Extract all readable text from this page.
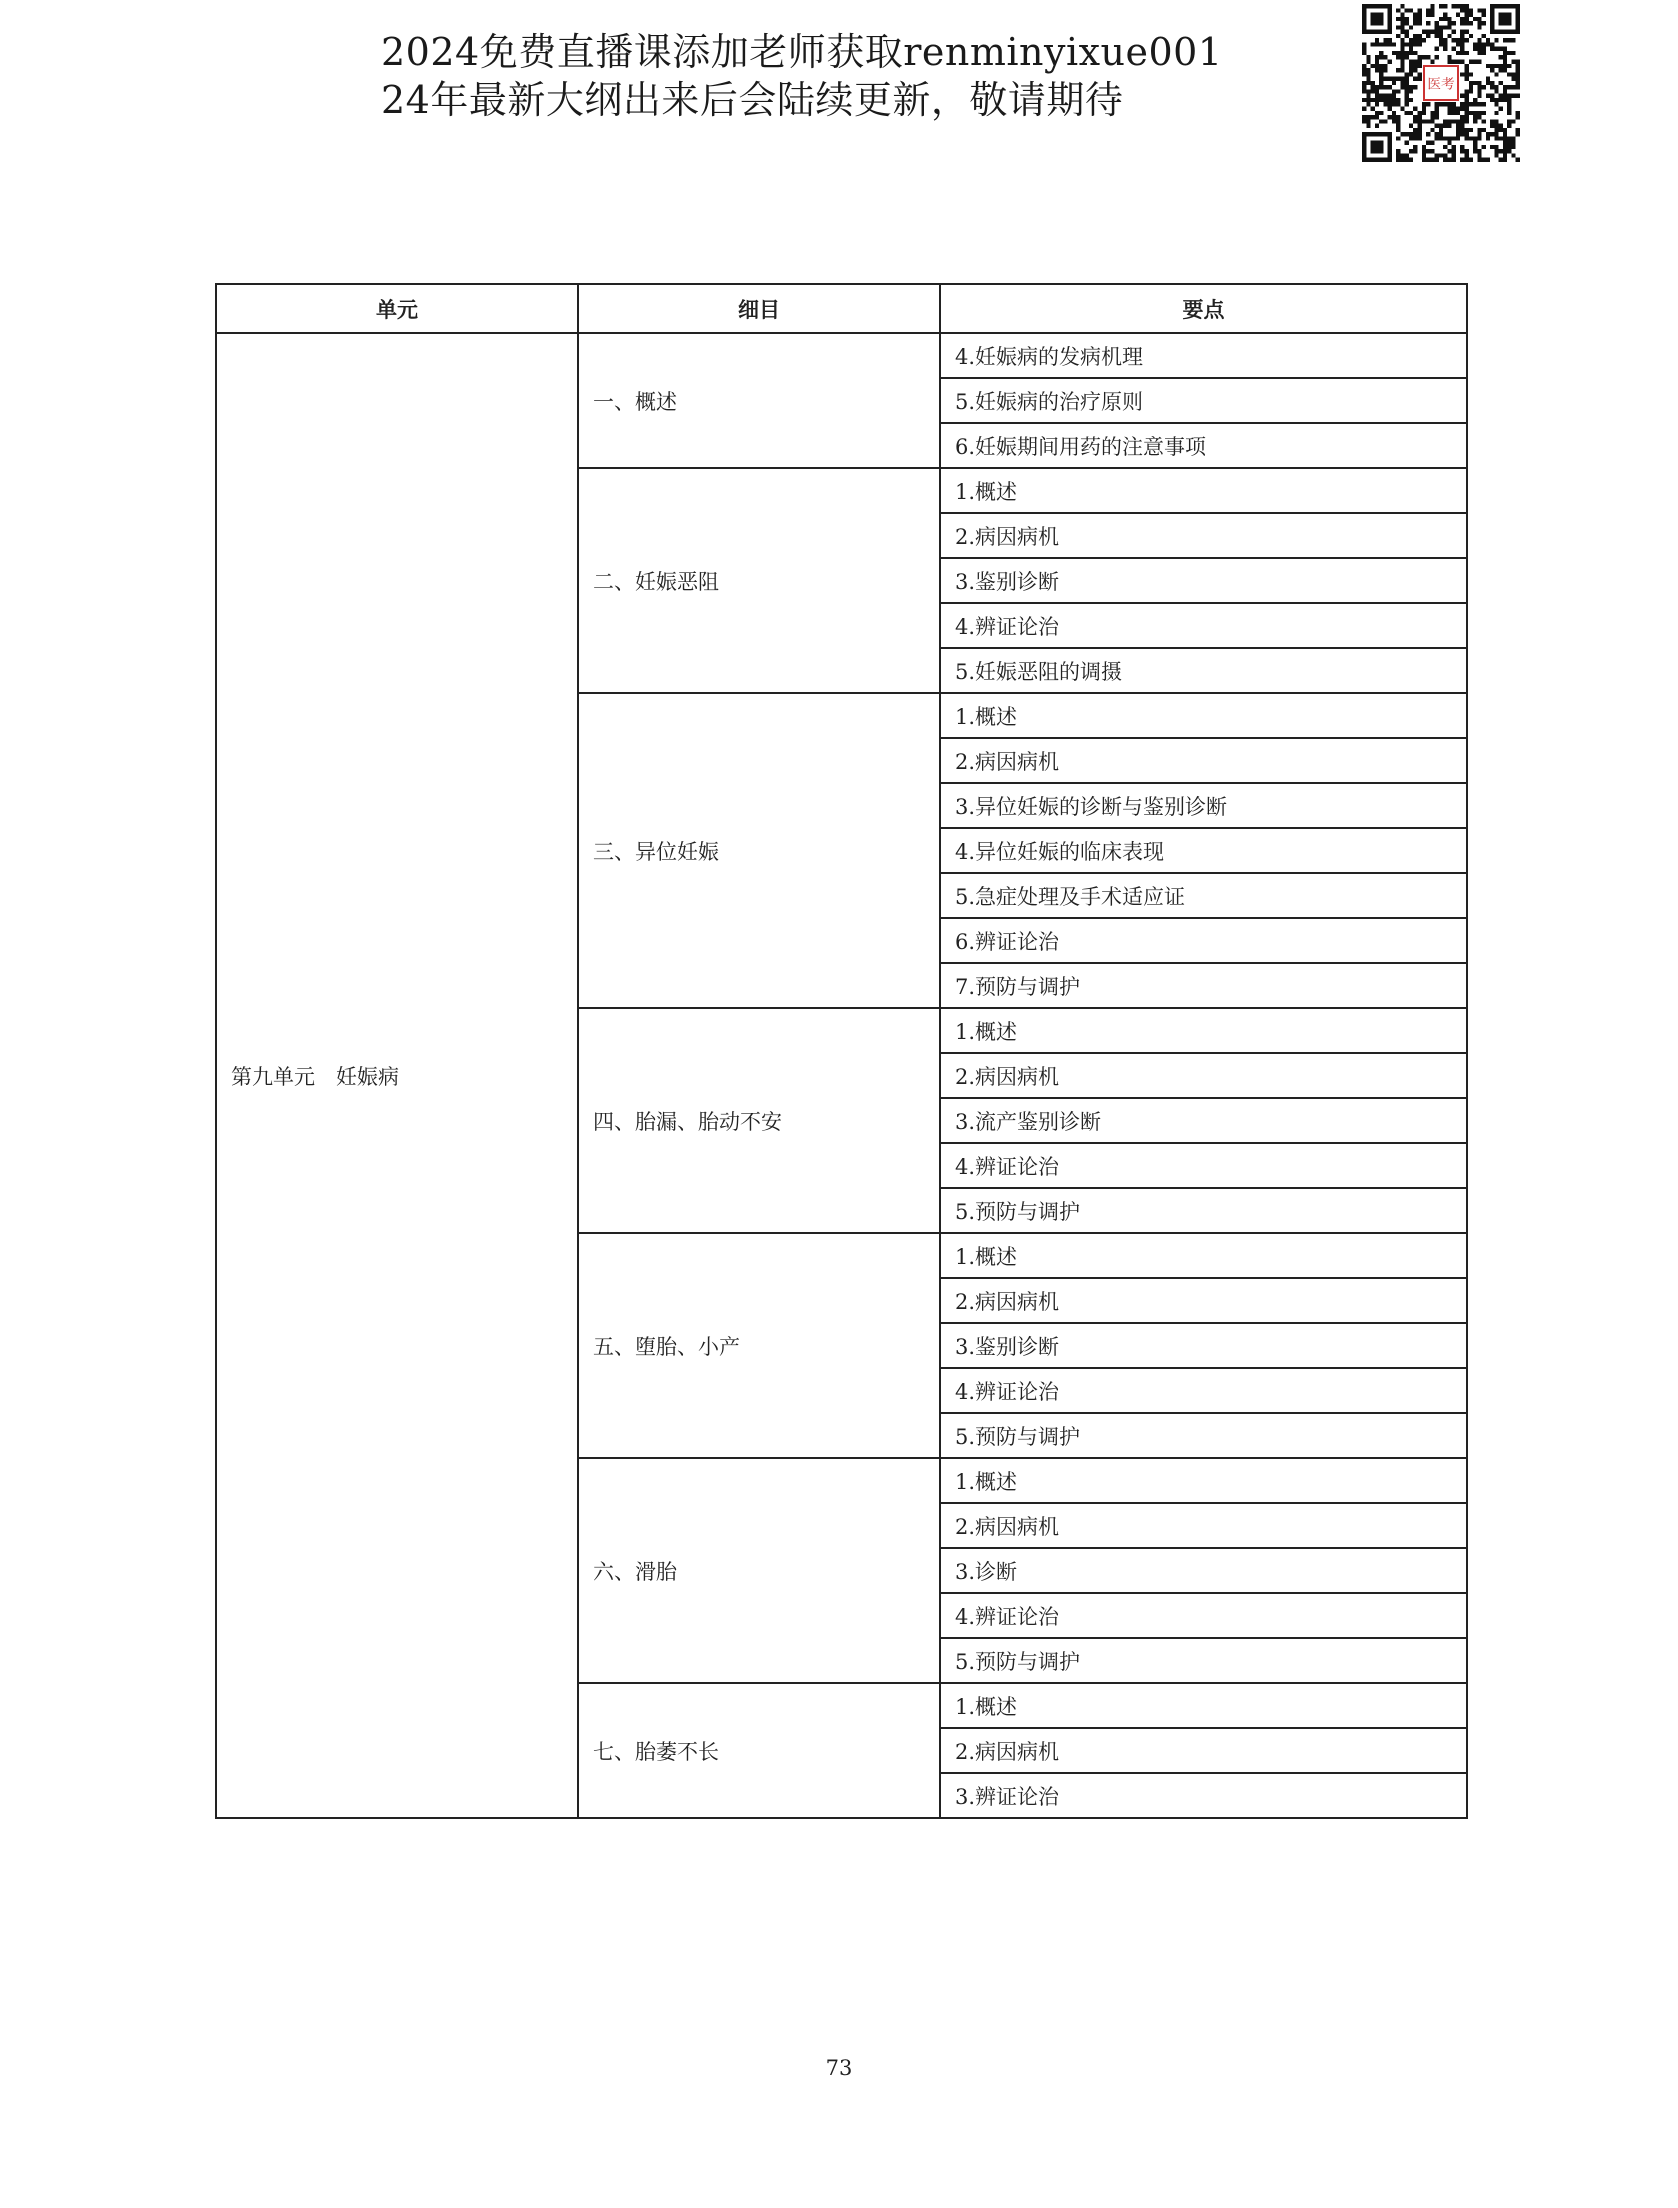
2024免费直播课添加老师获取renminyixue001
24年最新大纲出来后会陆续更新，敬请期待	医考
单元	细目	要点
第九单元　妊娠病	一、概述	4.妊娠病的发病机理
		5.妊娠病的治疗原则
		6.妊娠期间用药的注意事项
	二、妊娠恶阻	1.概述
		2.病因病机
		3.鉴别诊断
		4.辨证论治
		5.妊娠恶阻的调摄
	三、异位妊娠	1.概述
		2.病因病机
		3.异位妊娠的诊断与鉴别诊断
		4.异位妊娠的临床表现
		5.急症处理及手术适应证
		6.辨证论治
		7.预防与调护
	四、胎漏、胎动不安	1.概述
		2.病因病机
		3.流产鉴别诊断
		4.辨证论治
		5.预防与调护
	五、堕胎、小产	1.概述
		2.病因病机
		3.鉴别诊断
		4.辨证论治
		5.预防与调护
	六、滑胎	1.概述
		2.病因病机
		3.诊断
		4.辨证论治
		5.预防与调护
	七、胎萎不长	1.概述
		2.病因病机
		3.辨证论治
73
